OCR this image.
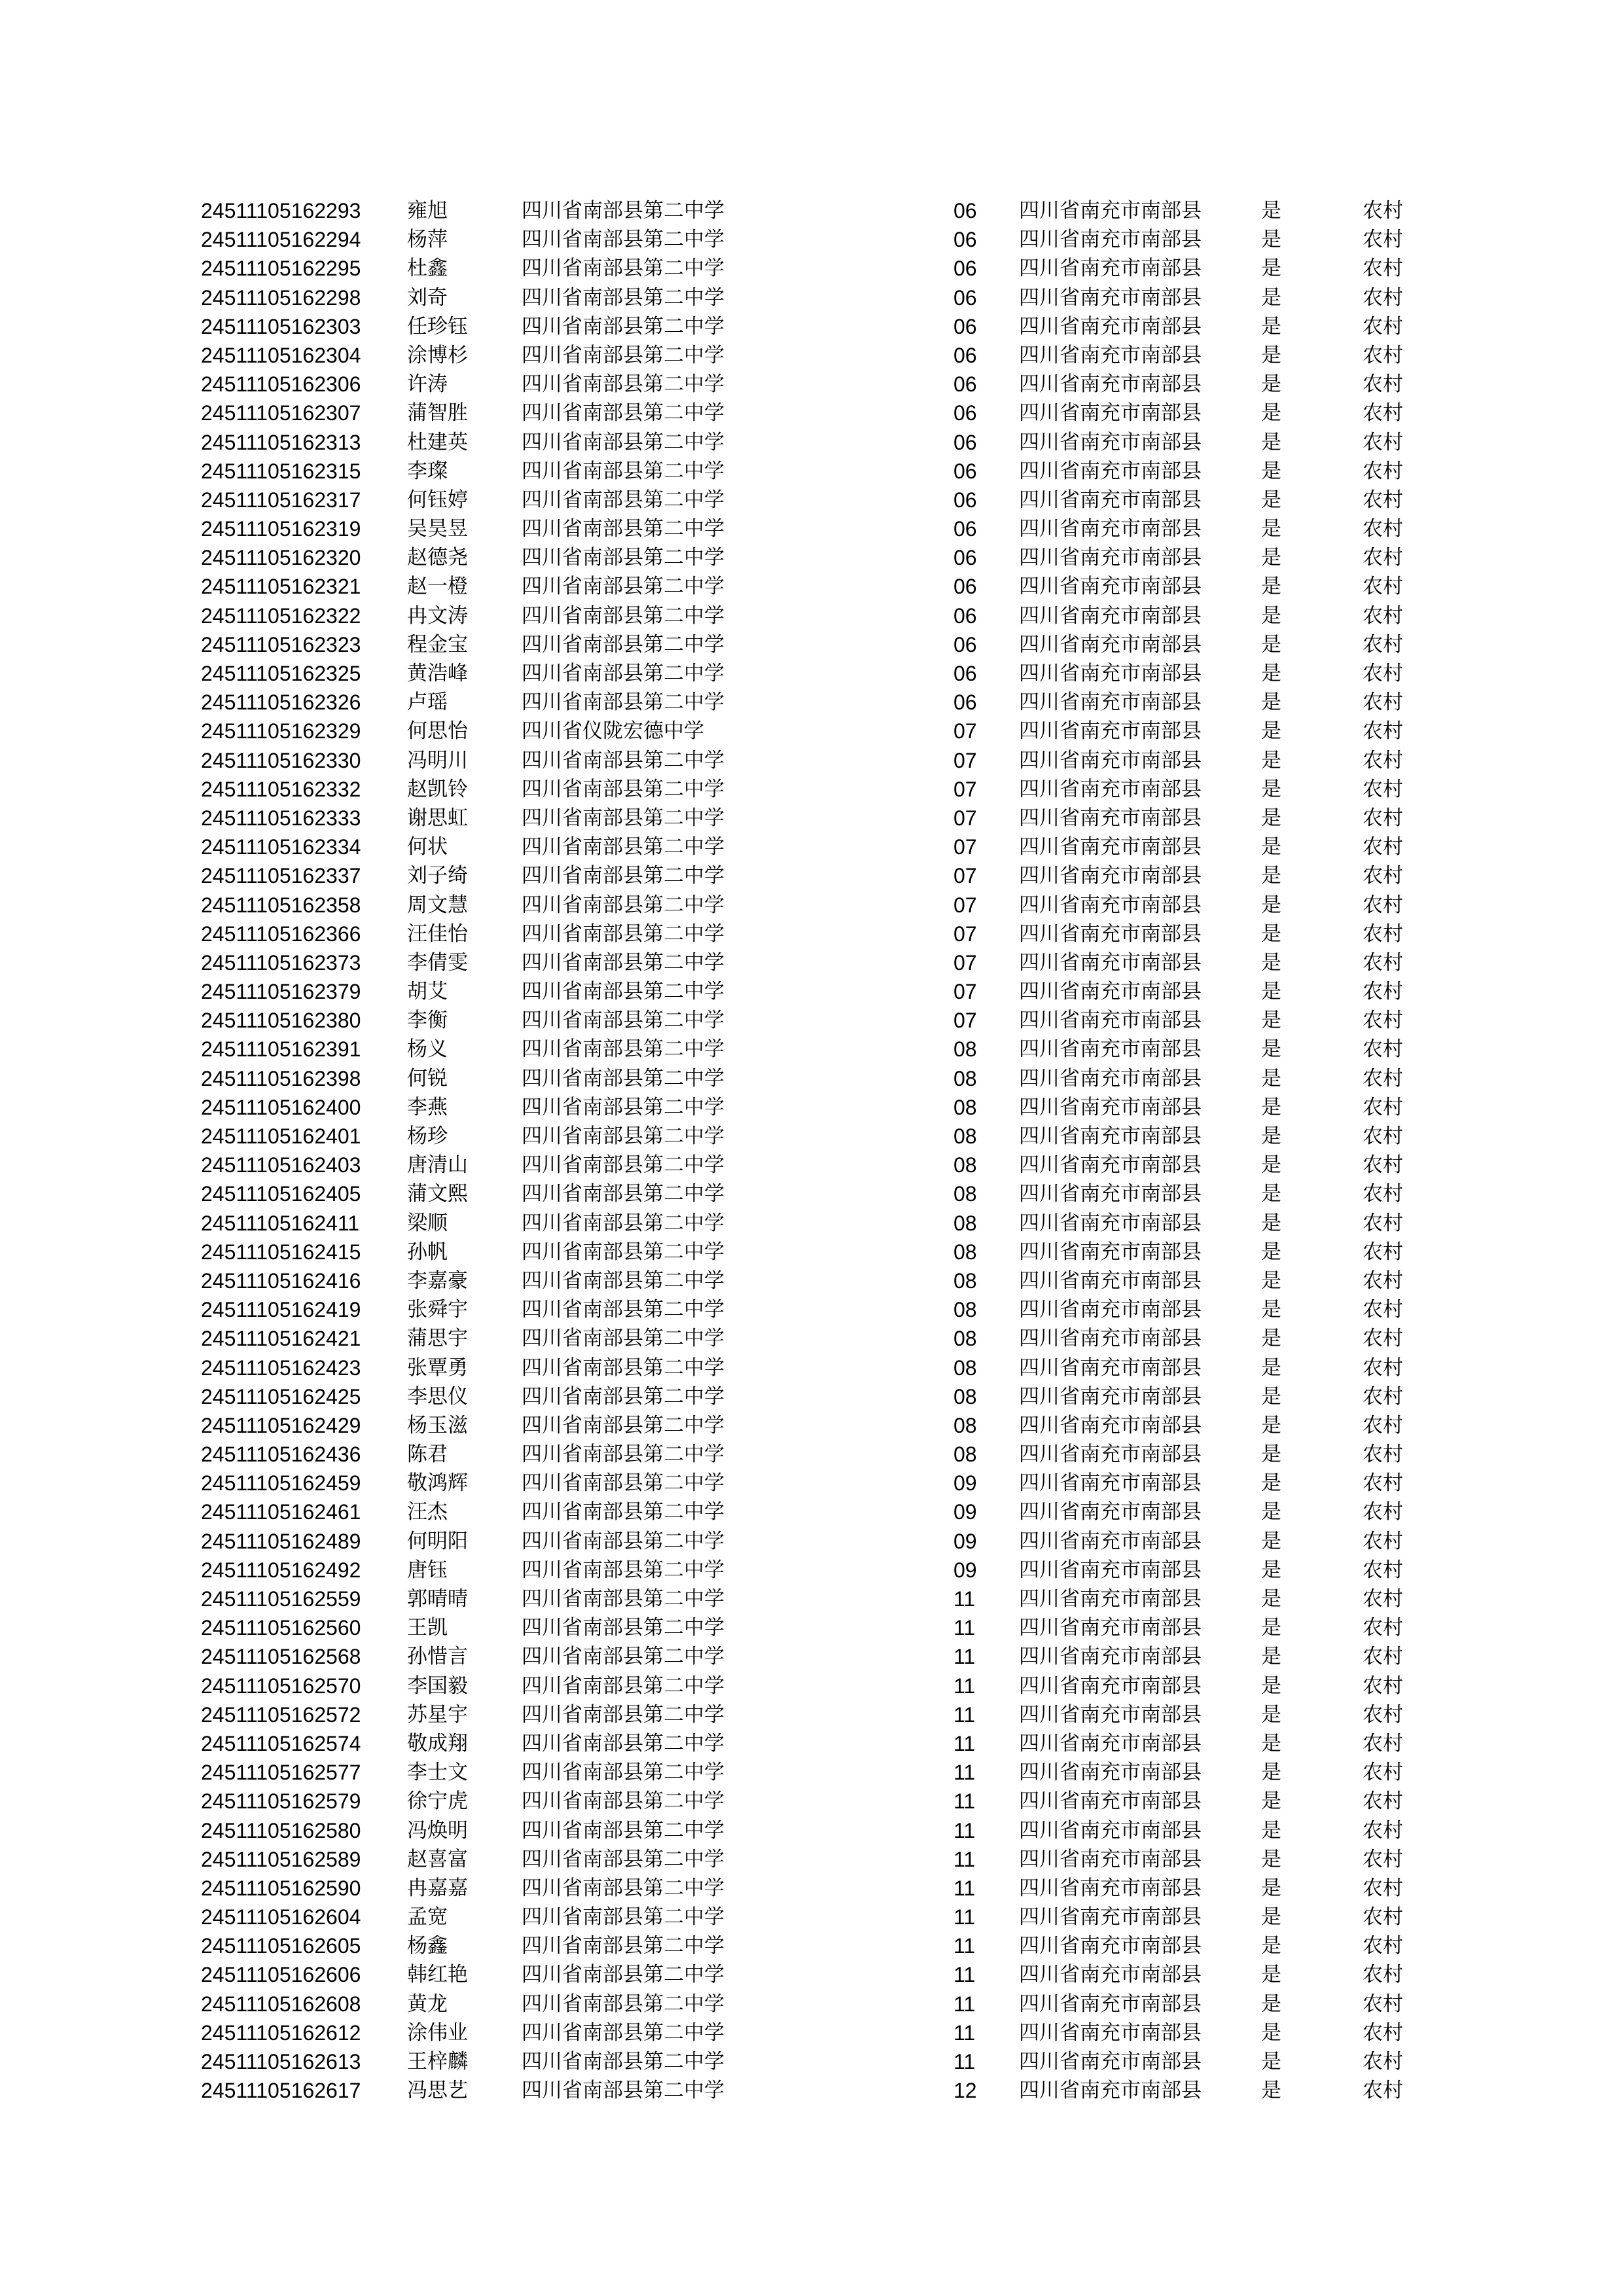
24511105162293 雍旭	四川省南部县第二中学	06 四川省南充市南部县	是	农村
24511105162294 杨萍	四川省南部县第二中学	06 四川省南充市南部县	是	农村
24511105162295 杜鑫	四川省南部县第二中学	06 四川省南充市南部县	是	农村
24511105162298 刘奇	四川省南部县第二中学	06 四川省南充市南部县	是	农村
24511105162303 任珍钰	四川省南部县第二中学	06 四川省南充市南部县	是	农村
24511105162304 涂博杉	四川省南部县第二中学	06 四川省南充市南部县	是	农村
24511105162306 许涛	四川省南部县第二中学	06 四川省南充市南部县	是	农村
24511105162307 蒲智胜	四川省南部县第二中学	06 四川省南充市南部县	是	农村
24511105162313 杜建英	四川省南部县第二中学	06 四川省南充市南部县	是	农村
24511105162315 李璨	四川省南部县第二中学	06 四川省南充市南部县	是	农村
24511105162317 何钰婷	四川省南部县第二中学	06 四川省南充市南部县	是	农村
24511105162319 吴昊昱	四川省南部县第二中学	06 四川省南充市南部县	是	农村
24511105162320 赵德尧	四川省南部县第二中学	06 四川省南充市南部县	是	农村
24511105162321 赵一橙	四川省南部县第二中学	06 四川省南充市南部县	是	农村
24511105162322 冉文涛	四川省南部县第二中学	06 四川省南充市南部县	是	农村
24511105162323 程金宝	四川省南部县第二中学	06 四川省南充市南部县	是	农村
24511105162325 黄浩峰	四川省南部县第二中学	06 四川省南充市南部县	是	农村
24511105162326 卢瑶	四川省南部县第二中学	06 四川省南充市南部县	是	农村
24511105162329 何思怡	四川省仪陇宏德中学	07 四川省南充市南部县	是	农村
24511105162330 冯明川	四川省南部县第二中学	07 四川省南充市南部县	是	农村
24511105162332 赵凯铃	四川省南部县第二中学	07 四川省南充市南部县	是	农村
24511105162333 谢思虹	四川省南部县第二中学	07 四川省南充市南部县	是	农村
24511105162334 何状	四川省南部县第二中学	07 四川省南充市南部县	是	农村
24511105162337 刘子绮	四川省南部县第二中学	07 四川省南充市南部县	是	农村
24511105162358 周文慧	四川省南部县第二中学	07 四川省南充市南部县	是	农村
24511105162366 汪佳怡	四川省南部县第二中学	07 四川省南充市南部县	是	农村
24511105162373 李倩雯	四川省南部县第二中学	07 四川省南充市南部县	是	农村
24511105162379 胡艾	四川省南部县第二中学	07 四川省南充市南部县	是	农村
24511105162380 李衡	四川省南部县第二中学	07 四川省南充市南部县	是	农村
24511105162391 杨义	四川省南部县第二中学	08 四川省南充市南部县	是	农村
24511105162398 何锐	四川省南部县第二中学	08 四川省南充市南部县	是	农村
24511105162400 李燕	四川省南部县第二中学	08 四川省南充市南部县	是	农村
24511105162401 杨珍	四川省南部县第二中学	08 四川省南充市南部县	是	农村
24511105162403 唐清山	四川省南部县第二中学	08 四川省南充市南部县	是	农村
24511105162405 蒲文熙	四川省南部县第二中学	08 四川省南充市南部县	是	农村
24511105162411 梁顺	四川省南部县第二中学	08 四川省南充市南部县	是	农村
24511105162415 孙帆	四川省南部县第二中学	08 四川省南充市南部县	是	农村
24511105162416 李嘉豪	四川省南部县第二中学	08 四川省南充市南部县	是	农村
24511105162419 张舜宇	四川省南部县第二中学	08 四川省南充市南部县	是	农村
24511105162421 蒲思宇	四川省南部县第二中学	08 四川省南充市南部县	是	农村
24511105162423 张覃勇	四川省南部县第二中学	08 四川省南充市南部县	是	农村
24511105162425 李思仪	四川省南部县第二中学	08 四川省南充市南部县	是	农村
24511105162429 杨玉滋	四川省南部县第二中学	08 四川省南充市南部县	是	农村
24511105162436 陈君	四川省南部县第二中学	08 四川省南充市南部县	是	农村
24511105162459 敬鸿辉	四川省南部县第二中学	09 四川省南充市南部县	是	农村
24511105162461 汪杰	四川省南部县第二中学	09 四川省南充市南部县	是	农村
24511105162489 何明阳	四川省南部县第二中学	09 四川省南充市南部县	是	农村
24511105162492 唐钰	四川省南部县第二中学	09 四川省南充市南部县	是	农村
24511105162559 郭晴晴	四川省南部县第二中学	11 四川省南充市南部县	是	农村
24511105162560 王凯	四川省南部县第二中学	11 四川省南充市南部县	是	农村
24511105162568 孙惜言	四川省南部县第二中学	11 四川省南充市南部县	是	农村
24511105162570 李国毅	四川省南部县第二中学	11 四川省南充市南部县	是	农村
24511105162572 苏星宇	四川省南部县第二中学	11 四川省南充市南部县	是	农村
24511105162574 敬成翔	四川省南部县第二中学	11 四川省南充市南部县	是	农村
24511105162577 李士文	四川省南部县第二中学	11 四川省南充市南部县	是	农村
24511105162579 徐宁虎	四川省南部县第二中学	11 四川省南充市南部县	是	农村
24511105162580 冯焕明	四川省南部县第二中学	11 四川省南充市南部县	是	农村
24511105162589 赵喜富	四川省南部县第二中学	11 四川省南充市南部县	是	农村
24511105162590 冉嘉嘉	四川省南部县第二中学	11 四川省南充市南部县	是	农村
24511105162604 孟宽	四川省南部县第二中学	11 四川省南充市南部县	是	农村
24511105162605 杨鑫	四川省南部县第二中学	11 四川省南充市南部县	是	农村
24511105162606 韩红艳	四川省南部县第二中学	11 四川省南充市南部县	是	农村
24511105162608 黄龙	四川省南部县第二中学	11 四川省南充市南部县	是	农村
24511105162612 涂伟业	四川省南部县第二中学	11 四川省南充市南部县	是	农村
24511105162613 王梓麟	四川省南部县第二中学	11 四川省南充市南部县	是	农村
24511105162617 冯思艺	四川省南部县第二中学	12 四川省南充市南部县	是	农村
